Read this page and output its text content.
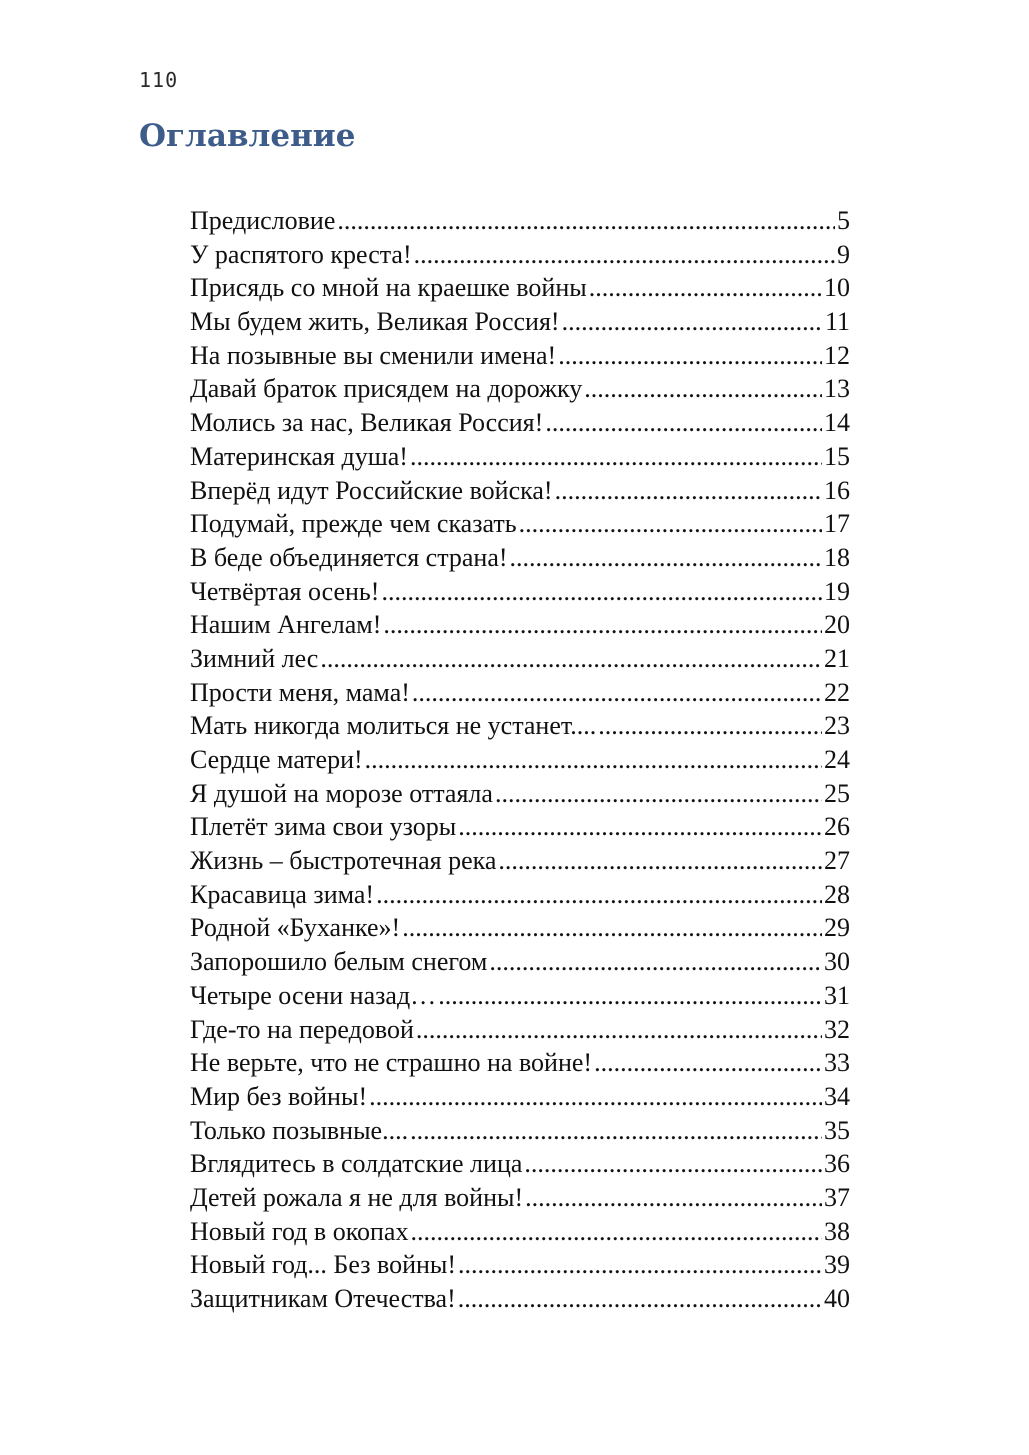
110
Оглавление
Предисловие .....	5
У распятого креста! .....	9
Присядь со мной на краешке войны .....	10
Мы будем жить, Великая Россия! .....	11
На позывные вы сменили имена! .....	12
Давай браток присядем на дорожку .....	13
Молись за нас, Великая Россия! .....	14
Материнская душа! .....	15
Вперёд идут Российские войска! .....	16
Подумай, прежде чем сказать .....	17
В беде объединяется страна! .....	18
Четвёртая осень! .....	19
Нашим Ангелам! .....	20
Зимний лес .....	21
Прости меня, мама! .....	22
Мать никогда молиться не устанет.... .....	23
Сердце матери! .....	24
Я душой на морозе оттаяла .....	25
Плетёт зима свои узоры .....	26
Жизнь – быстротечная река .....	27
Красавица зима! .....	28
Родной «Буханке»! .....	29
Запорошило белым снегом .....	30
Четыре осени назад… .....	31
Где-то на передовой .....	32
Не верьте, что не страшно на войне! .....	33
Мир без войны! .....	34
Только позывные.... .....	35
Вглядитесь в солдатские лица .....	36
Детей рожала я не для войны! .....	37
Новый год в окопах .....	38
Новый год... Без войны! .....	39
Защитникам Отечества! .....	40
